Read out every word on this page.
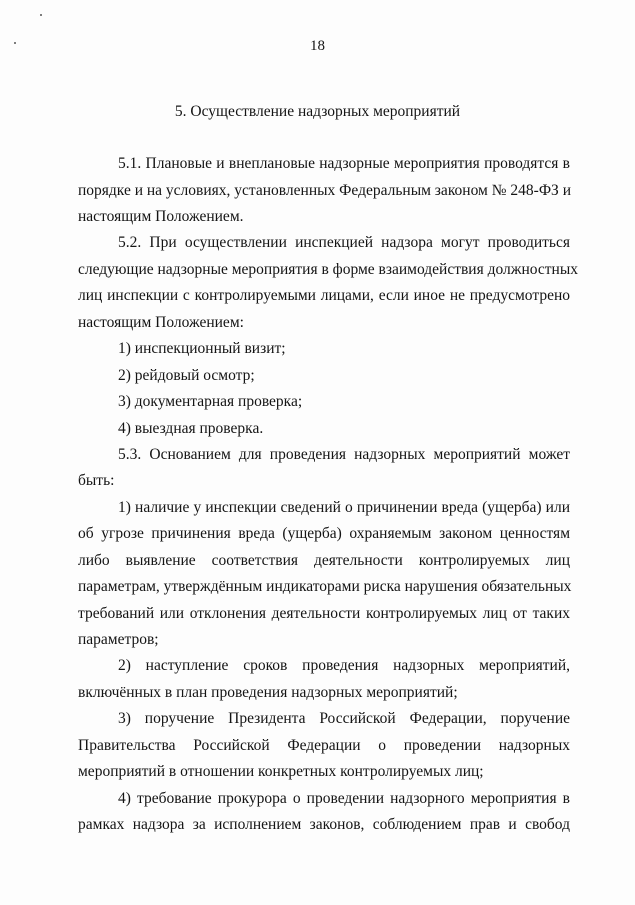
18
5. Осуществление надзорных мероприятий
5.1. Плановые и внеплановые надзорные мероприятия проводятся в
порядке и на условиях, установленных Федеральным законом № 248-ФЗ и
настоящим Положением.
5.2. При осуществлении инспекцией надзора могут проводиться
следующие надзорные мероприятия в форме взаимодействия должностных
лиц инспекции с контролируемыми лицами, если иное не предусмотрено
настоящим Положением:
1) инспекционный визит;
2) рейдовый осмотр;
3) документарная проверка;
4) выездная проверка.
5.3. Основанием для проведения надзорных мероприятий может
быть:
1) наличие у инспекции сведений о причинении вреда (ущерба) или
об угрозе причинения вреда (ущерба) охраняемым законом ценностям
либо выявление соответствия деятельности контролируемых лиц
параметрам, утверждённым индикаторами риска нарушения обязательных
требований или отклонения деятельности контролируемых лиц от таких
параметров;
2) наступление сроков проведения надзорных мероприятий,
включённых в план проведения надзорных мероприятий;
3) поручение Президента Российской Федерации, поручение
Правительства Российской Федерации о проведении надзорных
мероприятий в отношении конкретных контролируемых лиц;
4) требование прокурора о проведении надзорного мероприятия в
рамках надзора за исполнением законов, соблюдением прав и свобод
